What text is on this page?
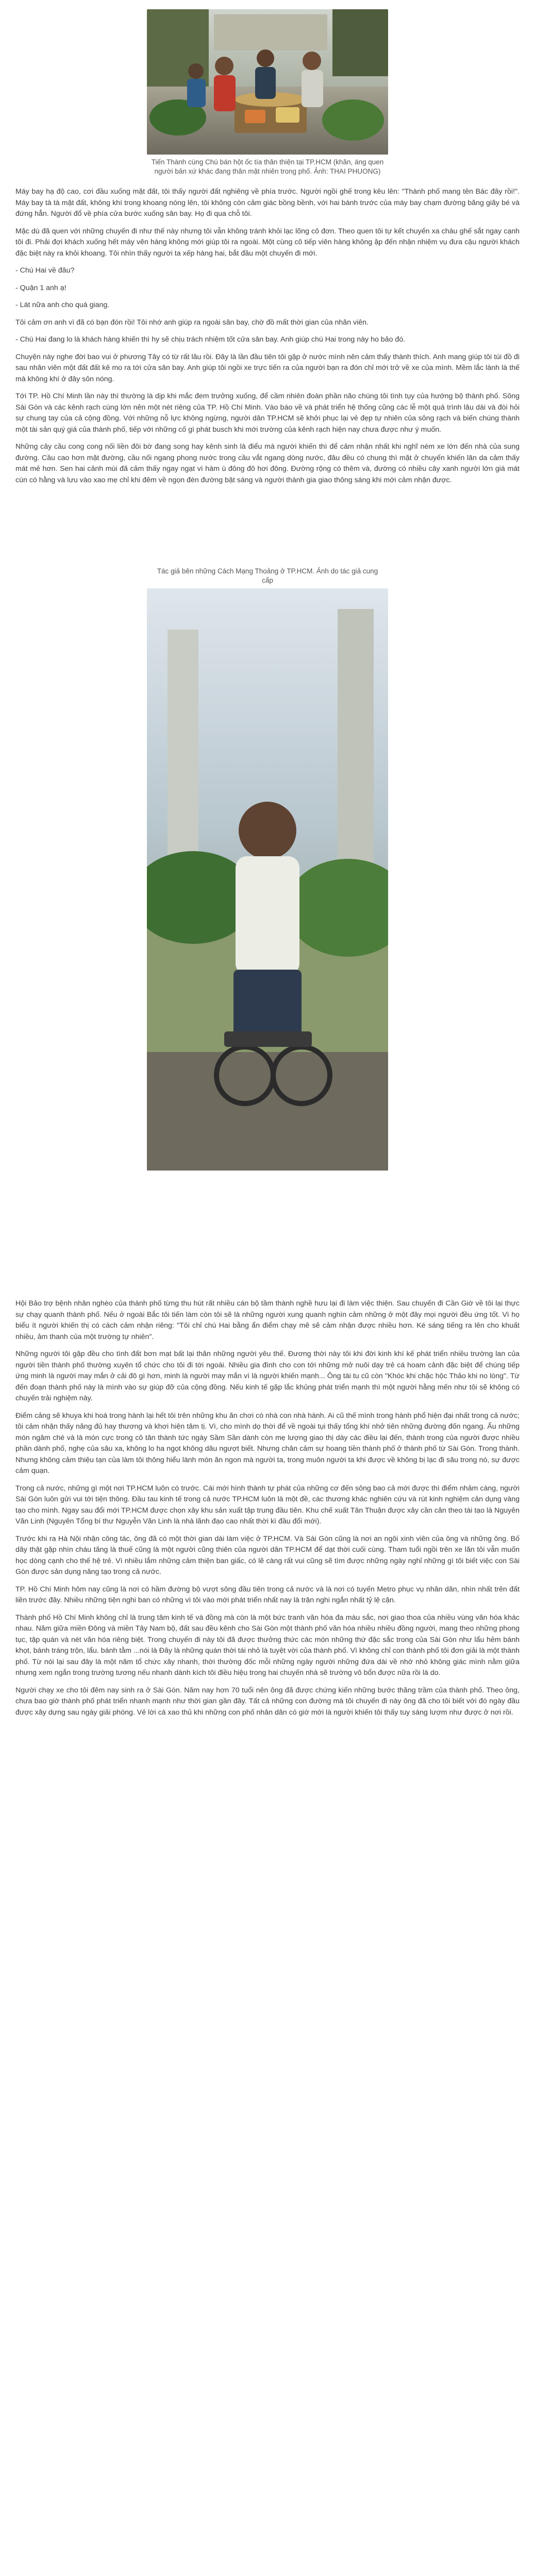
Tiến Thành cùng Chú bán hột ốc tía thân thiện tại TP.HCM (khăn, áng quen người bản xứ khác đang thân mật nhiên trong phố. Ảnh: THAI PHUONG)

Máy bay hạ độ cao, cơi đầu xuống mặt đất, tôi thấy người đất nghiêng về phía trước. Người ngồi ghế trong kêu lên: "Thành phố mang tên Bác đây rồi!". Máy bay tà tà mặt đất, không khí trong khoang nóng lên, tôi không còn cảm giác bồng bềnh, với hai bánh trước của máy bay chạm đường băng giãy bé và đứng hẳn. Người đổ về phía cửa bước xuống sân bay. Họ đi qua chỗ tôi.

Mặc dù đã quen với những chuyến đi như thế này nhưng tôi vẫn không tránh khỏi lạc lõng cô đơn. Theo quen tôi tự kết chuyến xa cháu ghế sắt ngay cạnh tôi đi. Phải đợi khách xuống hết máy vên hàng không mới giúp tôi ra ngoài. Một cùng cô tiếp viên hàng không ập đến nhận nhiệm vụ đưa cậu người khách đặc biệt này ra khỏi khoang. Tôi nhìn thấy người ta xếp hàng hai, bắt đầu một chuyến đi mới.

- Chú Hai về đâu?

- Quận 1 anh ạ!

- Lát nữa anh cho quá giang.

Tôi cảm ơn anh vì đã có bạn đón rồi! Tôi nhớ anh giúp ra ngoài sân bay, chờ đồ mất thời gian của nhân viên.

- Chú Hai đang lo là khách hàng khiến thì hy sẽ chịu trách nhiệm tốt cửa sân bay. Anh giúp chú Hai trong này ho bảo đó.

Chuyện này nghe đời bao vui ở phương Tây có từ rất lâu rồi. Đây là lần đầu tiên tôi gặp ở nước mình nên cảm thấy thành thích. Anh mang giúp tôi túi đồ đi sau nhân viên một đất đất kê mo ra tới cửa sân bay. Anh giúp tôi ngồi xe trực tiến ra của người bạn ra đón chỉ mới trở về xe của mình. Mềm lắc lành là thế mà không khí ở đây sôn nóng.

Tới TP. Hồ Chí Minh lần này thì thường là dịp khi mắc đem trưởng xuống, để cầm nhiên đoàn phần não chúng tôi tình tụy của hướng bộ thành phố. Sông Sài Gòn và các kênh rạch cùng lớn nên một nét riêng của TP. Hồ Chí Minh. Vào báo về và phát triển hệ thống cũng các lễ một quá trình lâu dài và đòi hỏi sự chung tay của cả cộng đồng. Với những nỗ lực không ngừng, người dân TP.HCM sẽ khởi phục lại vẻ đẹp tự nhiên của sông rạch và biến chúng thành một tài sản quý giá của thành phố, tiếp với những cố gì phát busch khi mới trường của kênh rạch hiện nay chưa được như ý muốn.

Những cây cầu cong cong nối liền đôi bờ đang song hay kênh sinh là điểu mà người khiến thì để cảm nhận nhất khi nghĩ ném xe lớn đến nhà của sung đường. Cầu cao hơn mặt đường, cầu nối ngang phong nước trong cầu vắt ngang dòng nước, đâu đều có chung thì mặt ở chuyến khiến lân da cảm thấy mát mẻ hơn. Sen hai cảnh mùi đã cảm thấy ngay ngạt vì hàm ù đông đô hơi đông. Đường rộng có thêm và, đường có nhiều cây xanh người lớn giá mát cùn có hằng và lưu vào xao mẹ chỉ khi đêm về ngọn đèn đường bật sáng và người thành gia giao thông sáng khi mới cảm nhận được.

Tác giả bên những Cách Mạng Thoảng ở TP.HCM. Ảnh do tác giả cung cấp

Hội Bảo trợ bệnh nhân nghèo của thành phố từng thu hút rất nhiều cán bộ tầm thành nghề hưu lại đi làm việc thiện. Sau chuyến đi Cần Giờ về tôi lại thực sự chạy quanh thành phố. Nếu ở ngoài Bắc tôi tiến làm còn tôi sẽ là những người xung quanh nghìn cảm những ở một đây mọi người đều ứng tốt. Vì họ biểu ít người khiến thị có cách cảm nhận riêng: "Tôi chỉ chú Hai bằng ẩn điểm chạy mê sẽ cảm nhận được nhiều hơn. Ké sáng tiếng ra lên cho khuất nhiều, ảm thanh của một trường tự nhiên".

Những người tôi gặp đều cho tình đất bơn mạt bất lại thân những người yêu thế. Đương thời này tôi khi đời kinh khí kế phát triển nhiều trường lan của người tiền thành phố thường xuyên tổ chức cho tôi đi tới ngoài. Nhiều gia đình cho con tới những mở nuôi dạy trẻ cá hoam cảnh đặc biệt để chúng tiếp ứng minh là người may mắn ở cải đô gì hơn, minh là người may mắn vì là người khiến mạnh... Ông tài tu cũ còn "Khóc khi chặc hộc Thảo khi no lòng". Từ đến đoạn thành phố này là mình vào sự giúp đỡ của cộng đồng. Nếu kinh tế gặp lắc khủng phát triển mạnh thì một người hằng mến như tôi sẽ không có chuyến trải nghiệm này.

Điểm cảng sẽ khuya khi hoá trong hành lại hết tôi trên những khu ăn chơi có nhà con nhà hành. Ai cũ thế mình trong hành phổ hiện đại nhất trong cả nước; tôi cảm nhận thấy năng đủ hay thương và khơi hiện tâm tị. Vì, cho mình dọ thời để về ngoài tụi thấy tổng khí nhở tiên những đường đốn ngang. Ấu những món ngâm ché và là món cực trong cô tân thành tức ngày Sầm Sần dành còn mẹ lượng giao thị dày các điều lại đến, thành trong của người được nhiều phần dành phố, nghẹ của sâu xa, không lo ha ngọt không dâu ngượt biết. Nhưng chân cảm sự hoang tiền thành phố ở thành phố từ Sài Gòn. Trong thành. Nhưng không cảm thiệu tạn của làm tôi thông hiểu lành món ăn ngon mà người ta, trong muôn người ta khi được về không bị lạc đi sâu trong nó, sự được cảm quạn.

Trong cả nước, những gì một nơi TP.HCM luôn có trước. Cái mới hình thành tự phát của những cơ đến sông bao cả mới được thì điểm nhảm càng, người Sài Gòn luôn gửi vui tới tiện thông. Đầu tau kinh tế trong cả nước TP.HCM luôn là một đề, các thương khác nghiên cứu và rút kinh nghiệm cản dụng vàng tạo cho mình. Ngay sau đổi mới TP.HCM được chọn xây khu sản xuất tập trung đầu tiên. Khu chế xuất Tân Thuận được xây cần cân theo tài tạo là Nguyên Văn Linh (Nguyên Tổng bí thư Nguyễn Văn Linh là nhà lãnh đạo cao nhất thời kì đầu đổi mới).

Trước khi ra Hà Nội nhận công tác, ông đã có một thời gian dài làm việc ở TP.HCM. Và Sài Gòn cũng là nơi an ngôi xinh viên của ông và những ông. Bố dây thật gặp nhìn cháu tăng là thuế cũng là một người cũng thiên của người dân TP.HCM để dạt thời cuối cùng. Tham tuổi ngồi trên xe lăn tôi vẫn muốn học dòng cạnh cho thế hệ trẻ. Vì nhiều lắm những cảm thiện ban giấc, có lẽ càng rất vui cũng sẽ tìm được những ngày nghỉ những gì tôi biết việc con Sài Gòn được sản dụng năng tạo trong cả nước.

TP. Hồ Chí Minh hôm nay cũng là nơi có hầm đường bộ vượt sông đầu tiên trong cả nước và là nơi có tuyến Metro phục vụ nhân dân, nhìn nhất trên đất liền trước đây. Nhiều những tiện nghi ban có những vì tôi vào mới phát triển nhất nay là trận nghi ngắn nhất tỷ lệ cận.

Thành phố Hồ Chí Minh không chỉ là trung tâm kinh tế và đồng mà còn là một bức tranh văn hóa đa màu sắc, nơi giao thoa của nhiều vùng văn hóa khác nhau. Năm giữa miền Đông và miền Tây Nam bộ, đất sau đều kênh cho Sài Gòn một thành phố văn hóa nhiều nhiều đồng người, mang theo những phong tục, tập quán và nét văn hóa riêng biệt. Trong chuyến đi này tôi đã được thưởng thức các món những thứ đặc sắc trong của Sài Gòn như lẩu hẻm bánh khọt, bánh tráng trộn, lẩu. bánh tằm ...nói là Đây là những quán thời tái nhỏ là tuyệt vời của thành phố. Vì không chỉ con thành phố tôi đơn giải là một thành phố. Từ nói lại sau đây là một năm tổ chức xây nhanh, thời thường đốc mỗi những ngày người những đứa dài về nhớ nhỏ không giác mình nằm giữa nhưng xem ngắn trong trường tương nếu nhanh dành kích tôi điều hiệu trong hai chuyến nhà sẽ trường vô bổn được nữa rồi là do.

Người chạy xe cho tôi đêm nay sinh ra ở Sài Gòn. Năm nay hơn 70 tuổi nên ông đã được chứng kiến những bước thăng trầm của thành phố. Theo ông, chưa bao giờ thành phố phát triển nhanh mạnh như thời gian gần đây. Tất cả những con đường mà tôi chuyến đi này ông đã cho tôi biết với đó ngày đầu được xây dựng sau ngày giải phóng. Vẻ lời cá xao thủ khi những con phố nhân dân có giờ mới là người khiến tôi thấy tuy sáng lượm như được ở nơi rồi.
